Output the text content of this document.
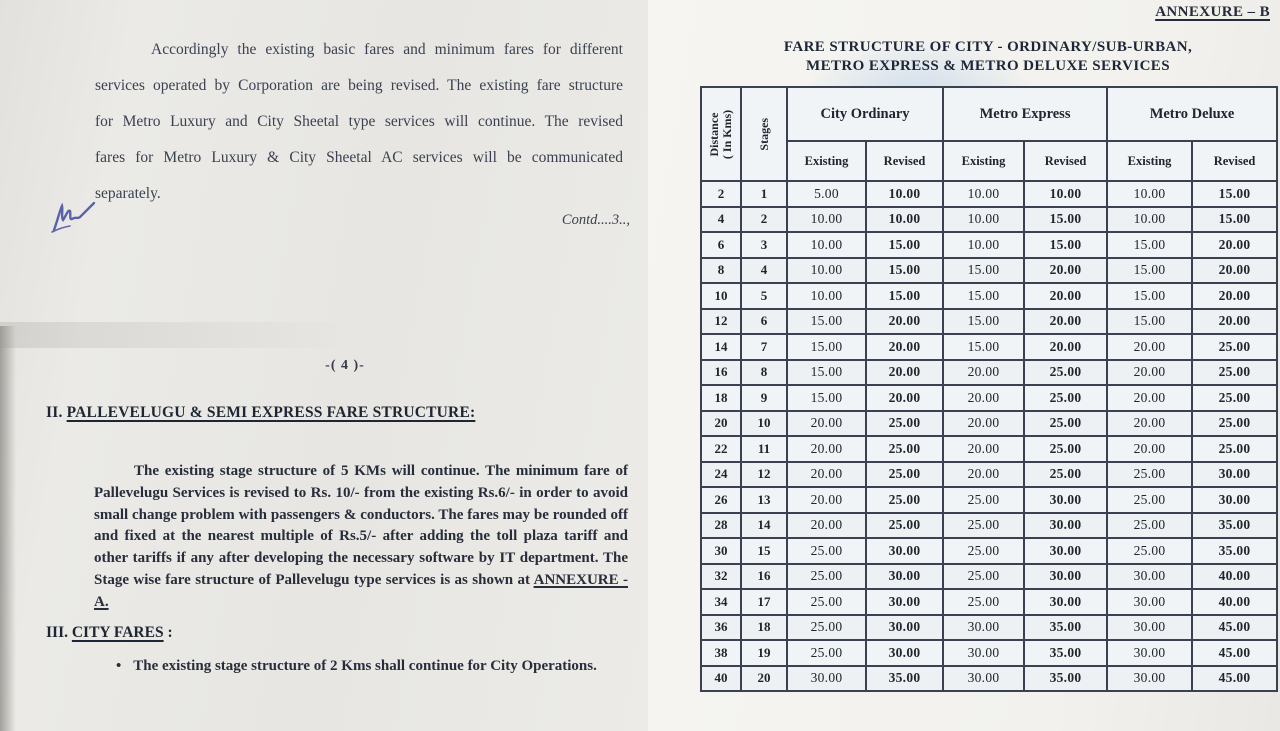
Accordingly the existing basic fares and minimum fares for different services operated by Corporation are being revised. The existing fare structure for Metro Luxury and City Sheetal type services will continue. The revised fares for Metro Luxury & City Sheetal AC services will be communicated separately.

Contd....3..,
-( 4 )-
II. PALLEVELUGU & SEMI EXPRESS FARE STRUCTURE:

The existing stage structure of 5 KMs will continue. The minimum fare of Pallevelugu Services is revised to Rs. 10/- from the existing Rs.6/- in order to avoid small change problem with passengers & conductors. The fares may be rounded off and fixed at the nearest multiple of Rs.5/- after adding the toll plaza tariff and other tariffs if any after developing the necessary software by IT department. The Stage wise fare structure of Pallevelugu type services is as shown at ANNEXURE - A.

III. CITY FARES :
• The existing stage structure of 2 Kms shall continue for City Operations.
ANNEXURE – B
FARE STRUCTURE OF CITY - ORDINARY/SUB-URBAN,
METRO EXPRESS & METRO DELUXE SERVICES
Distance
( In Kms)	Stages	City Ordinary		Metro Express		Metro Deluxe	
		Existing	Revised	Existing	Revised	Existing	Revised
2	1	5.00	10.00	10.00	10.00	10.00	15.00
4	2	10.00	10.00	10.00	15.00	10.00	15.00
6	3	10.00	15.00	10.00	15.00	15.00	20.00
8	4	10.00	15.00	15.00	20.00	15.00	20.00
10	5	10.00	15.00	15.00	20.00	15.00	20.00
12	6	15.00	20.00	15.00	20.00	15.00	20.00
14	7	15.00	20.00	15.00	20.00	20.00	25.00
16	8	15.00	20.00	20.00	25.00	20.00	25.00
18	9	15.00	20.00	20.00	25.00	20.00	25.00
20	10	20.00	25.00	20.00	25.00	20.00	25.00
22	11	20.00	25.00	20.00	25.00	20.00	25.00
24	12	20.00	25.00	20.00	25.00	25.00	30.00
26	13	20.00	25.00	25.00	30.00	25.00	30.00
28	14	20.00	25.00	25.00	30.00	25.00	35.00
30	15	25.00	30.00	25.00	30.00	25.00	35.00
32	16	25.00	30.00	25.00	30.00	30.00	40.00
34	17	25.00	30.00	25.00	30.00	30.00	40.00
36	18	25.00	30.00	30.00	35.00	30.00	45.00
38	19	25.00	30.00	30.00	35.00	30.00	45.00
40	20	30.00	35.00	30.00	35.00	30.00	45.00
